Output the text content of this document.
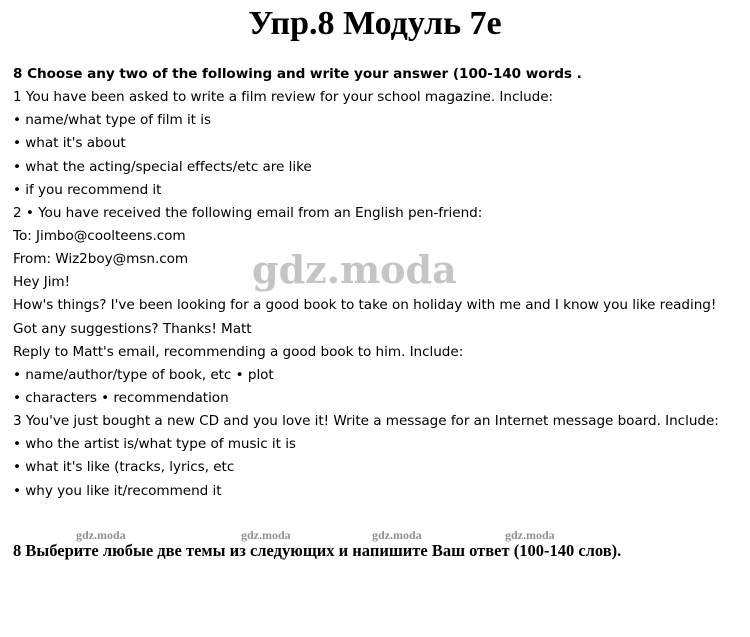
Упр.8 Модуль 7е
8 Choose any two of the following and write your answer (100-140 words .
1 You have been asked to write a film review for your school magazine. Include:
• name/what type of film it is
• what it's about
• what the acting/special effects/etc are like
• if you recommend it
2 • You have received the following email from an English pen-friend:
To: Jimbo@coolteens.com
From: Wiz2boy@msn.com
Hey Jim!
How's things? I've been looking for a good book to take on holiday with me and I know you like reading!
Got any suggestions? Thanks! Matt
Reply to Matt's email, recommending a good book to him. Include:
• name/author/type of book, etc • plot
• characters • recommendation
3 You've just bought a new CD and you love it! Write a message for an Internet message board. Include:
• who the artist is/what type of music it is
• what it's like (tracks, lyrics, etc
• why you like it/recommend it
gdz.moda
gdz.moda	gdz.moda	gdz.moda	gdz.moda
8 Выберите любые две темы из следующих и напишите Ваш ответ (100-140 слов).
